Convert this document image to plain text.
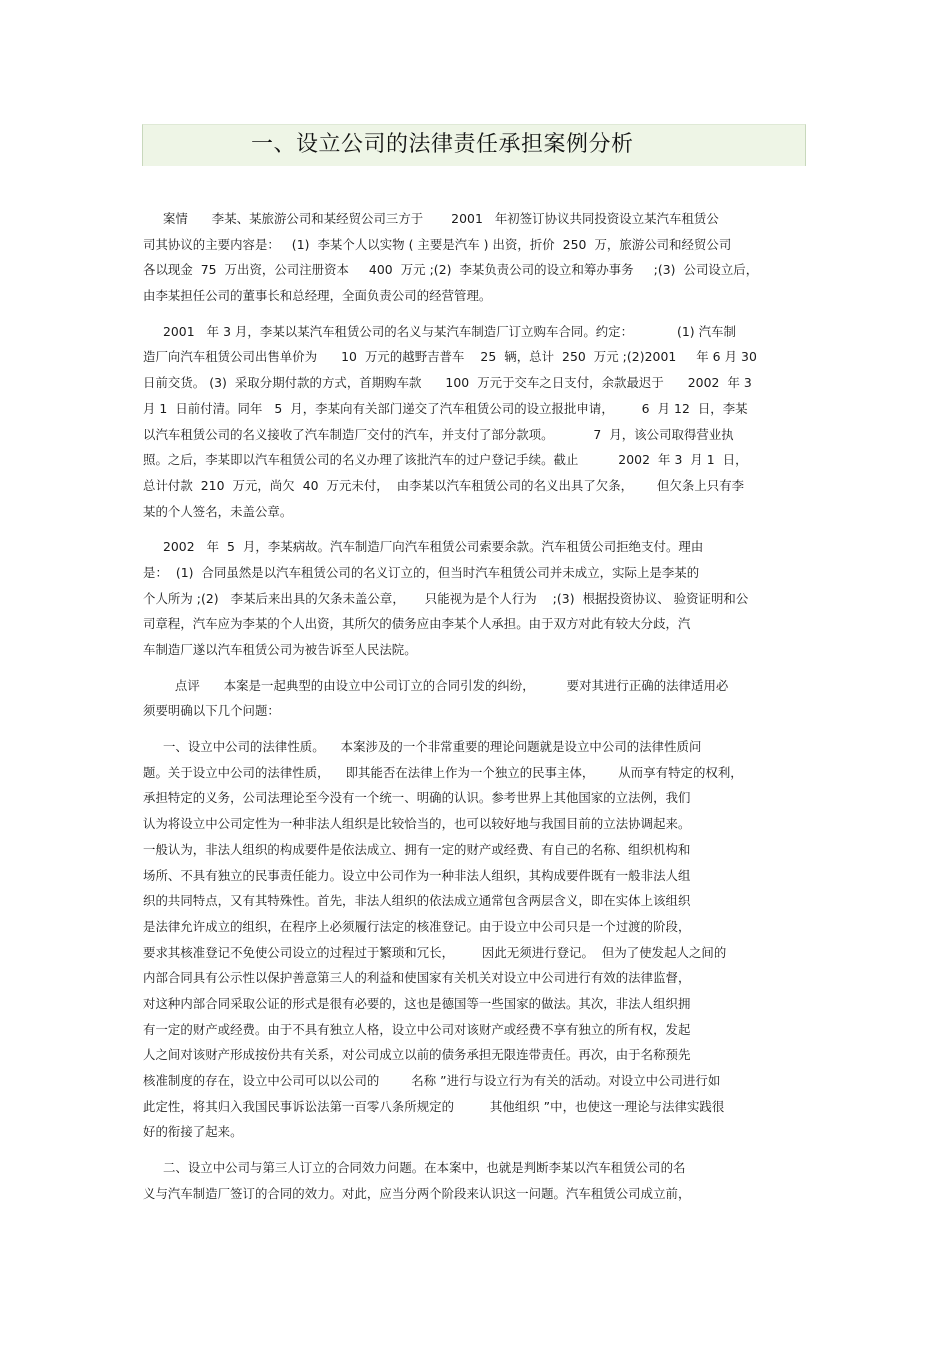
一、设立公司的法律责任承担案例分析
案情      李某、某旅游公司和某经贸公司三方于       2001   年初签订协议共同投资设立某汽车租赁公
司其协议的主要内容是：   (1)  李某个人以实物 ( 主要是汽车 ) 出资，折价  250  万，旅游公司和经贸公司
各以现金  75  万出资，公司注册资本     400  万元 ;(2)  李某负责公司的设立和筹办事务     ;(3)  公司设立后，
由李某担任公司的董事长和总经理，全面负责公司的经营管理。
2001   年 3 月，李某以某汽车租赁公司的名义与某汽车制造厂订立购车合同。约定：           (1) 汽车制
造厂向汽车租赁公司出售单价为      10  万元的越野吉普车    25  辆，总计  250  万元 ;(2)2001     年 6 月 30
日前交货。 (3)  采取分期付款的方式，首期购车款      100  万元于交车之日支付，余款最迟于      2002  年 3
月 1  日前付清。同年   5  月，李某向有关部门递交了汽车租赁公司的设立报批申请，       6  月 12  日，李某
以汽车租赁公司的名义接收了汽车制造厂交付的汽车，并支付了部分款项。          7  月，该公司取得营业执
照。之后，李某即以汽车租赁公司的名义办理了该批汽车的过户登记手续。截止          2002  年 3  月 1  日，
总计付款  210  万元，尚欠  40  万元未付，  由李某以汽车租赁公司的名义出具了欠条，      但欠条上只有李
某的个人签名，未盖公章。
2002   年  5  月，李某病故。汽车制造厂向汽车租赁公司索要余款。汽车租赁公司拒绝支付。理由
是：  (1)  合同虽然是以汽车租赁公司的名义订立的，但当时汽车租赁公司并未成立，实际上是李某的
个人所为 ;(2)   李某后来出具的欠条未盖公章，     只能视为是个人行为    ;(3)  根据投资协议、 验资证明和公
司章程，汽车应为李某的个人出资，其所欠的债务应由李某个人承担。由于双方对此有较大分歧，汽
车制造厂遂以汽车租赁公司为被告诉至人民法院。
点评      本案是一起典型的由设立中公司订立的合同引发的纠纷，        要对其进行正确的法律适用必
须要明确以下几个问题：
一、设立中公司的法律性质。    本案涉及的一个非常重要的理论问题就是设立中公司的法律性质问
题。关于设立中公司的法律性质，    即其能否在法律上作为一个独立的民事主体，      从而享有特定的权利，
承担特定的义务，公司法理论至今没有一个统一、明确的认识。参考世界上其他国家的立法例，我们
认为将设立中公司定性为一种非法人组织是比较恰当的，也可以较好地与我国目前的立法协调起来。
一般认为，非法人组织的构成要件是依法成立、拥有一定的财产或经费、有自己的名称、组织机构和
场所、不具有独立的民事责任能力。设立中公司作为一种非法人组织，其构成要件既有一般非法人组
织的共同特点，又有其特殊性。首先，非法人组织的依法成立通常包含两层含义，即在实体上该组织
是法律允许成立的组织，在程序上必须履行法定的核准登记。由于设立中公司只是一个过渡的阶段，
要求其核准登记不免使公司设立的过程过于繁琐和冗长，       因此无须进行登记。  但为了使发起人之间的
内部合同具有公示性以保护善意第三人的利益和使国家有关机关对设立中公司进行有效的法律监督，
对这种内部合同采取公证的形式是很有必要的，这也是德国等一些国家的做法。其次，非法人组织拥
有一定的财产或经费。由于不具有独立人格，设立中公司对该财产或经费不享有独立的所有权，发起
人之间对该财产形成按份共有关系，对公司成立以前的债务承担无限连带责任。再次，由于名称预先
核准制度的存在，设立中公司可以以公司的        名称 ”进行与设立行为有关的活动。对设立中公司进行如
此定性，将其归入我国民事诉讼法第一百零八条所规定的         其他组织 ”中，也使这一理论与法律实践很
好的衔接了起来。
二、设立中公司与第三人订立的合同效力问题。在本案中，也就是判断李某以汽车租赁公司的名
义与汽车制造厂签订的合同的效力。对此，应当分两个阶段来认识这一问题。汽车租赁公司成立前，
